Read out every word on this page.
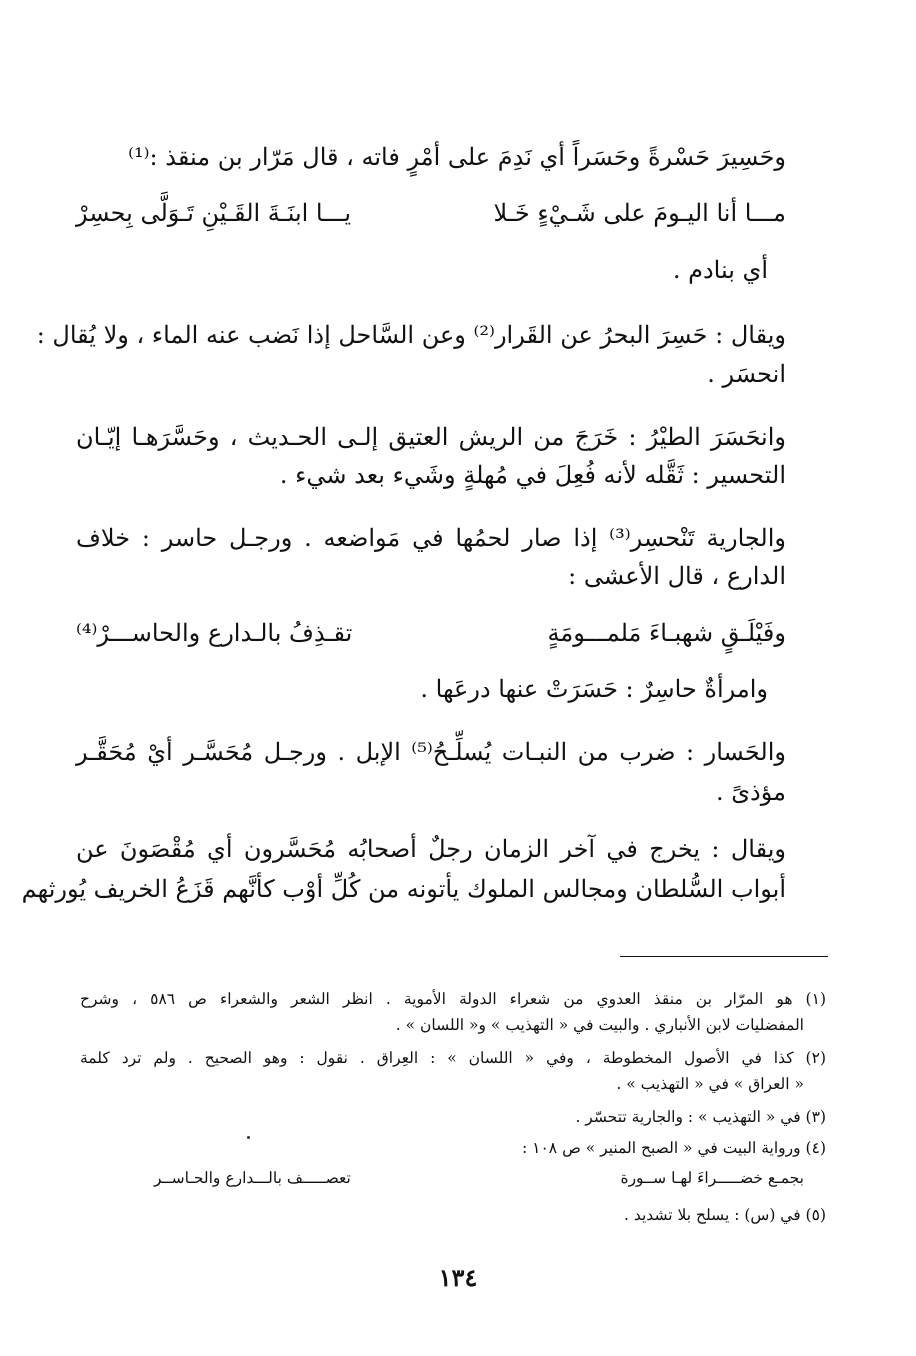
وحَسِيرَ حَسْرةً وحَسَراً أي نَدِمَ على أمْرٍ فاته ، قال مَرّار بن منقذ :⁽¹⁾
مـــا أنا اليـومَ على شَـيْءٍ خَـلا
يـــا ابنَـةَ القَـيْنِ تَـوَلَّى بِحسِرْ
أي بنادم .
ويقال : حَسِرَ البحرُ عن القَرار⁽²⁾ وعن السَّاحل إذا نَضب عنه الماء ، ولا يُقال :
انحسَر .
وانحَسَرَ الطيْرُ : خَرَجَ من الريش العتيق إلـى الحـديث ، وحَسَّرَهـا إيّـان
التحسير : ثَقَّله لأنه فُعِلَ في مُهلةٍ وشَيء بعد شيء .
والجارية تَنْحسِر⁽³⁾ إذا صار لحمُها في مَواضعه . ورجـل حاسر : خلاف
الدارع ، قال الأعشى :
وفَيْلَـقٍ شهبـاءَ مَلمـــومَةٍ
تقـذِفُ بالـدارع والحاســـرْ⁽⁴⁾
وامرأةٌ حاسِرٌ : حَسَرَتْ عنها درعَها .
والحَسار : ضرب من النبـات يُسلِّـحُ⁽⁵⁾ الإبل . ورجـل مُحَسَّـر أيْ مُحَقَّـر
مؤذىً .
ويقال : يخرج في آخر الزمان رجلٌ أصحابُه مُحَسَّرون أي مُقْصَونَ عن
أبواب السُّلطان ومجالس الملوك يأتونه من كُلِّ أوْب كأنَّهم قَزَعُ الخريف يُورثهم
(١) هو المرّار بن منقذ العدوي من شعراء الدولة الأموية . انظر الشعر والشعراء ص ٥٨٦ ، وشرح
المفضليات لابن الأنباري . والبيت في « التهذيب » و« اللسان » .
(٢) كذا في الأصول المخطوطة ، وفي « اللسان » : العِراق . نقول : وهو الصحيح . ولم ترد كلمة
« العراق » في « التهذيب » .
(٣) في « التهذيب » : والجارية تتحسّر .
(٤) ورواية البيت في « الصبح المنير » ص ١٠٨ :
بجمـع خضـــــراءَ لهـا ســورة
تعصـــــف بالـــدارع والحـاســر
(٥) في (س) : يسلح بلا تشديد .
١٣٤
